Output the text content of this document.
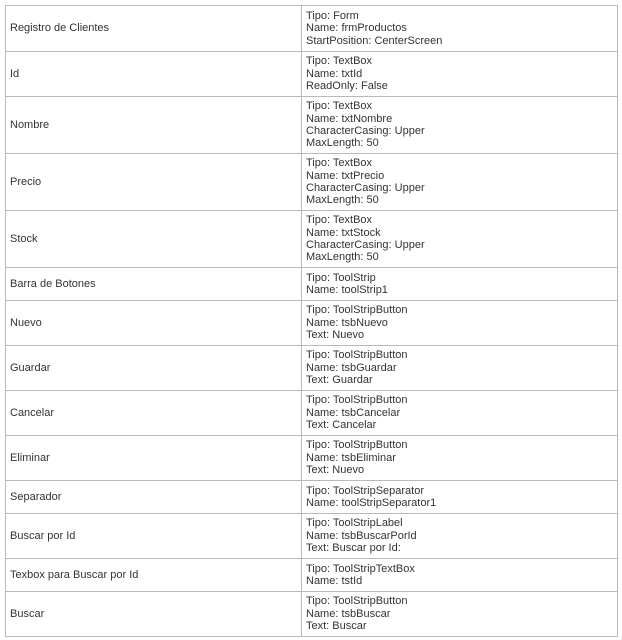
Registro de Clientes	Tipo: Form
Name: frmProductos
StartPosition: CenterScreen

Id	Tipo: TextBox
Name: txtId
ReadOnly: False

Nombre	Tipo: TextBox
Name: txtNombre
CharacterCasing: Upper
MaxLength: 50

Precio	Tipo: TextBox
Name: txtPrecio
CharacterCasing: Upper
MaxLength: 50

Stock	Tipo: TextBox
Name: txtStock
CharacterCasing: Upper
MaxLength: 50

Barra de Botones	Tipo: ToolStrip
Name: toolStrip1

Nuevo	Tipo: ToolStripButton
Name: tsbNuevo
Text: Nuevo

Guardar	Tipo: ToolStripButton
Name: tsbGuardar
Text: Guardar

Cancelar	Tipo: ToolStripButton
Name: tsbCancelar
Text: Cancelar

Eliminar	Tipo: ToolStripButton
Name: tsbEliminar
Text: Nuevo

Separador	Tipo: ToolStripSeparator
Name: toolStripSeparator1

Buscar por Id	Tipo: ToolStripLabel
Name: tsbBuscarPorId
Text: Buscar por Id:

Texbox para Buscar por Id	Tipo: ToolStripTextBox
Name: tstId

Buscar	Tipo: ToolStripButton
Name: tsbBuscar
Text: Buscar
